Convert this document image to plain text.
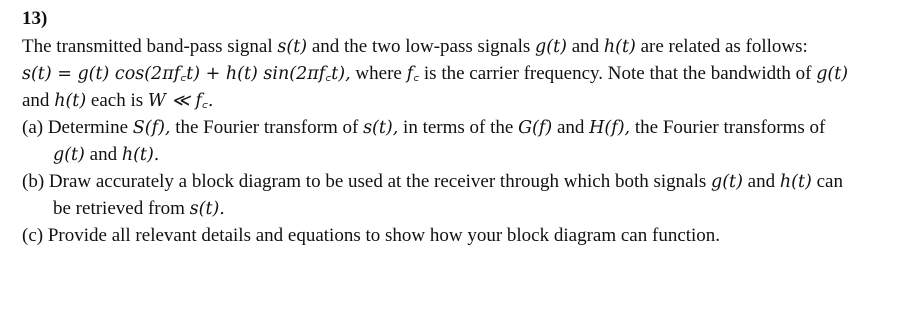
13)
The transmitted band-pass signal s(t) and the two low-pass signals g(t) and h(t) are related as follows:
s(t) = g(t) cos(2πf꜀t) + h(t) sin(2πf꜀t), where f꜀ is the carrier frequency. Note that the bandwidth of g(t)
and h(t) each is W ≪ f꜀.
(a) Determine S(f), the Fourier transform of s(t), in terms of the G(f) and H(f), the Fourier transforms of
g(t) and h(t).
(b) Draw accurately a block diagram to be used at the receiver through which both signals g(t) and h(t) can
be retrieved from s(t).
(c) Provide all relevant details and equations to show how your block diagram can function.
